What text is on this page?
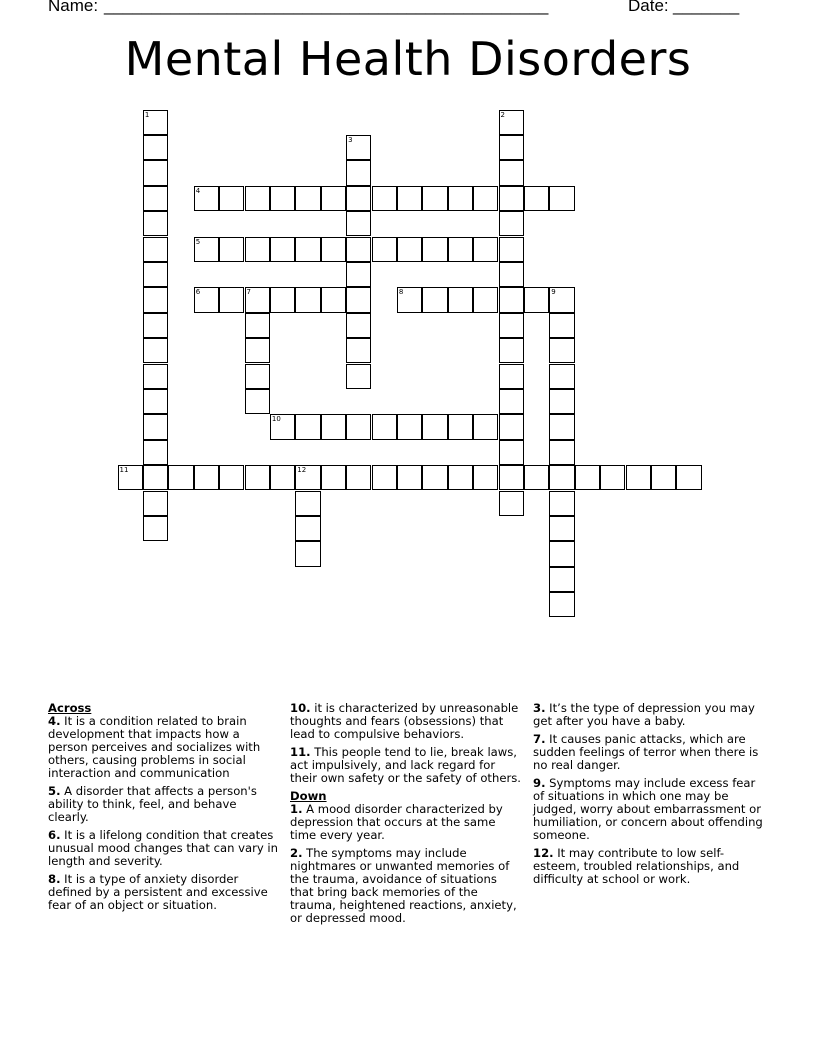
Name: _______________________________________________	Date: _______
Mental Health Disorders
1	2
3
4
5
6	7	8	9
10
11	12
Across
4. It is a condition related to brain development that impacts how a person perceives and socializes with others, causing problems in social interaction and communication
5. A disorder that affects a person's ability to think, feel, and behave clearly.
6. It is a lifelong condition that creates unusual mood changes that can vary in length and severity.
8. It is a type of anxiety disorder defined by a persistent and excessive fear of an object or situation.
10. it is characterized by unreasonable thoughts and fears (obsessions) that lead to compulsive behaviors.
11. This people tend to lie, break laws, act impulsively, and lack regard for their own safety or the safety of others.
Down
1. A mood disorder characterized by depression that occurs at the same time every year.
2. The symptoms may include nightmares or unwanted memories of the trauma, avoidance of situations that bring back memories of the trauma, heightened reactions, anxiety, or depressed mood.
3. It’s the type of depression you may get after you have a baby.
7. It causes panic attacks, which are sudden feelings of terror when there is no real danger.
9. Symptoms may include excess fear of situations in which one may be judged, worry about embarrassment or humiliation, or concern about offending someone.
12. It may contribute to low self-esteem, troubled relationships, and difficulty at school or work.
